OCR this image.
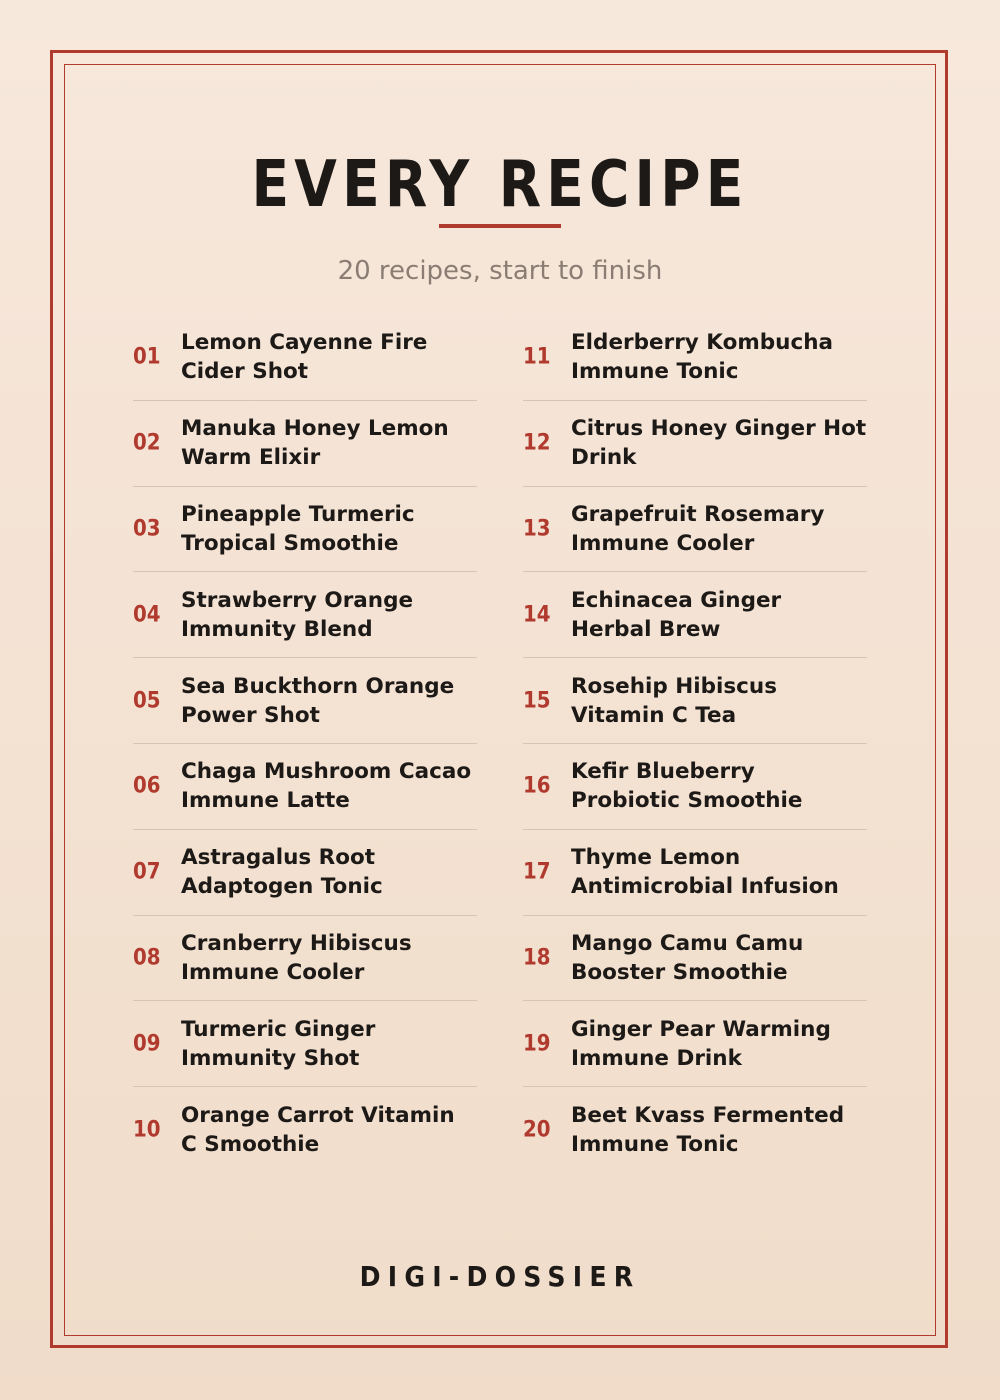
EVERY RECIPE
20 recipes, start to finish
01
Lemon Cayenne Fire Cider Shot
02
Manuka Honey Lemon Warm Elixir
03
Pineapple Turmeric Tropical Smoothie
04
Strawberry Orange Immunity Blend
05
Sea Buckthorn Orange Power Shot
06
Chaga Mushroom Cacao Immune Latte
07
Astragalus Root Adaptogen Tonic
08
Cranberry Hibiscus Immune Cooler
09
Turmeric Ginger Immunity Shot
10
Orange Carrot Vitamin C Smoothie
11
Elderberry Kombucha Immune Tonic
12
Citrus Honey Ginger Hot Drink
13
Grapefruit Rosemary Immune Cooler
14
Echinacea Ginger Herbal Brew
15
Rosehip Hibiscus Vitamin C Tea
16
Kefir Blueberry Probiotic Smoothie
17
Thyme Lemon Antimicrobial Infusion
18
Mango Camu Camu Booster Smoothie
19
Ginger Pear Warming Immune Drink
20
Beet Kvass Fermented Immune Tonic
DIGI-DOSSIER
